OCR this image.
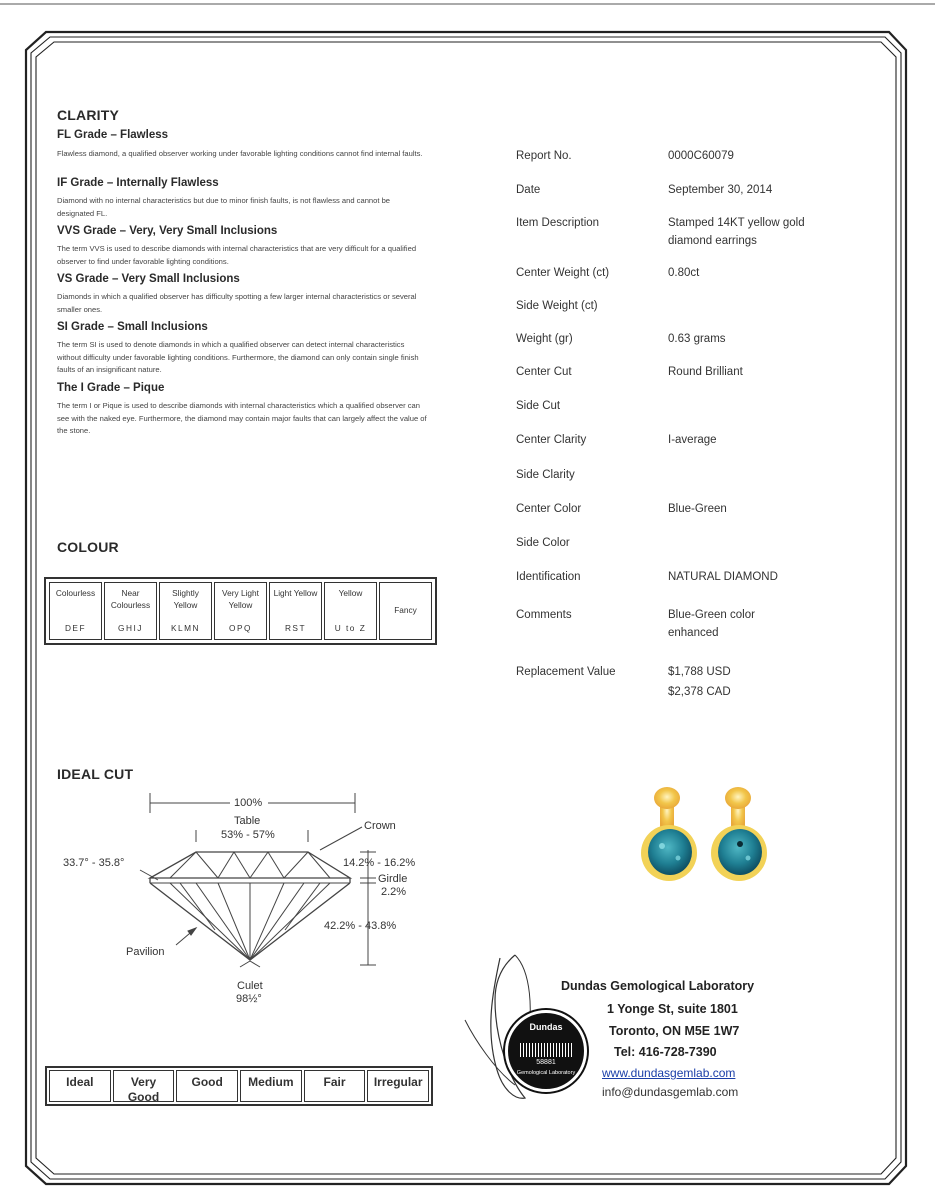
CLARITY
FL Grade – Flawless
Flawless diamond, a qualified observer working under favorable lighting conditions cannot find internal faults.
IF Grade – Internally Flawless
Diamond with no internal characteristics but due to minor finish faults, is not flawless and cannot be designated FL.
VVS Grade – Very, Very Small Inclusions
The term VVS is used to describe diamonds with internal characteristics that are very difficult for a qualified observer to find under favorable lighting conditions.
VS Grade – Very Small Inclusions
Diamonds in which a qualified observer has difficulty spotting a few larger internal characteristics or several smaller ones.
SI Grade – Small Inclusions
The term SI is used to denote diamonds in which a qualified observer can detect internal characteristics without difficulty under favorable lighting conditions. Furthermore, the diamond can only contain single finish faults of an insignificant nature.
The I Grade – Pique
The term I or Pique is used to describe diamonds with internal characteristics which a qualified observer can see with the naked eye. Furthermore, the diamond may contain major faults that can largely affect the value of the stone.
COLOUR
Colourless
DEF
Near Colourless
GHIJ
Slightly Yellow
KLMN
Very Light Yellow
OPQ
Light Yellow
RST
Yellow
U to Z
Fancy
IDEAL CUT
100%
Table
53% - 57%
Crown
33.7° - 35.8°	14.2% - 16.2%
Girdle
2.2%
42.2% - 43.8%
Pavilion
Culet
98½°
Ideal	Very Good
Good	Medium	Fair	Irregular
Report No.	0000C60079
Date	September 30, 2014
Item Description	Stamped 14KT yellow gold diamond earrings
Center Weight (ct)	0.80ct
Side Weight (ct)
Weight (gr)	0.63 grams
Center Cut	Round Brilliant
Side Cut
Center Clarity	I-average
Side Clarity
Center Color	Blue-Green
Side Color
Identification	NATURAL DIAMOND
Comments	Blue-Green color enhanced
Replacement Value	$1,788 USD
$2,378 CAD
Dundas
58881
Gemological Laboratory
Dundas Gemological Laboratory
1 Yonge St, suite 1801
Toronto, ON M5E 1W7
Tel: 416-728-7390
www.dundasgemlab.com
info@dundasgemlab.com
